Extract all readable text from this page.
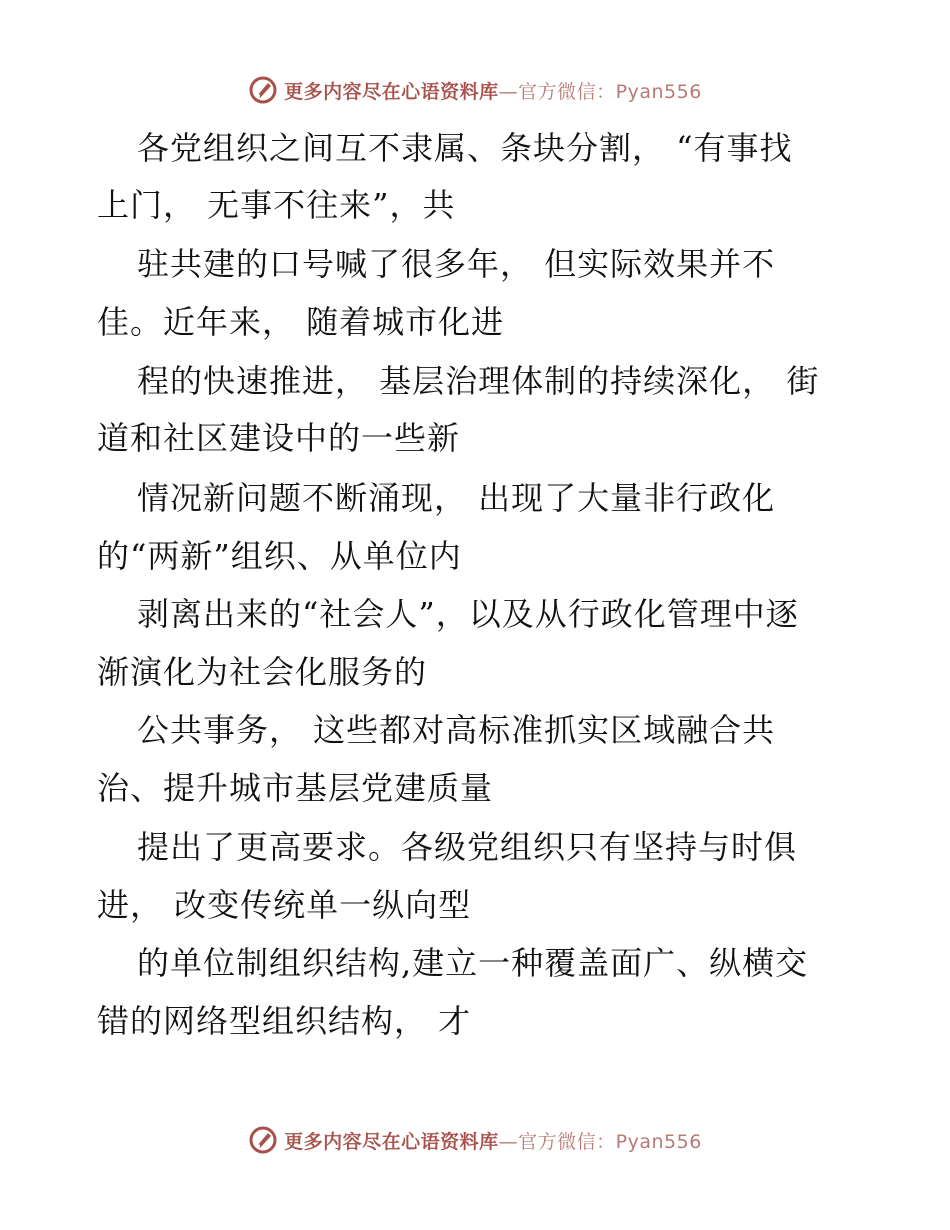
更多内容尽在心语资料库—官方微信：Pyan556
各党组织之间互不隶属、条块分割， “有事找
上门， 无事不往来”，共
驻共建的口号喊了很多年， 但实际效果并不
佳。近年来， 随着城市化进
程的快速推进， 基层治理体制的持续深化， 街
道和社区建设中的一些新
情况新问题不断涌现， 出现了大量非行政化
的“两新”组织、从单位内
剥离出来的“社会人”，以及从行政化管理中逐
渐演化为社会化服务的
公共事务， 这些都对高标准抓实区域融合共
治、提升城市基层党建质量
提出了更高要求。各级党组织只有坚持与时俱
进， 改变传统单一纵向型
的单位制组织结构,建立一种覆盖面广、纵横交
错的网络型组织结构， 才
更多内容尽在心语资料库—官方微信：Pyan556
